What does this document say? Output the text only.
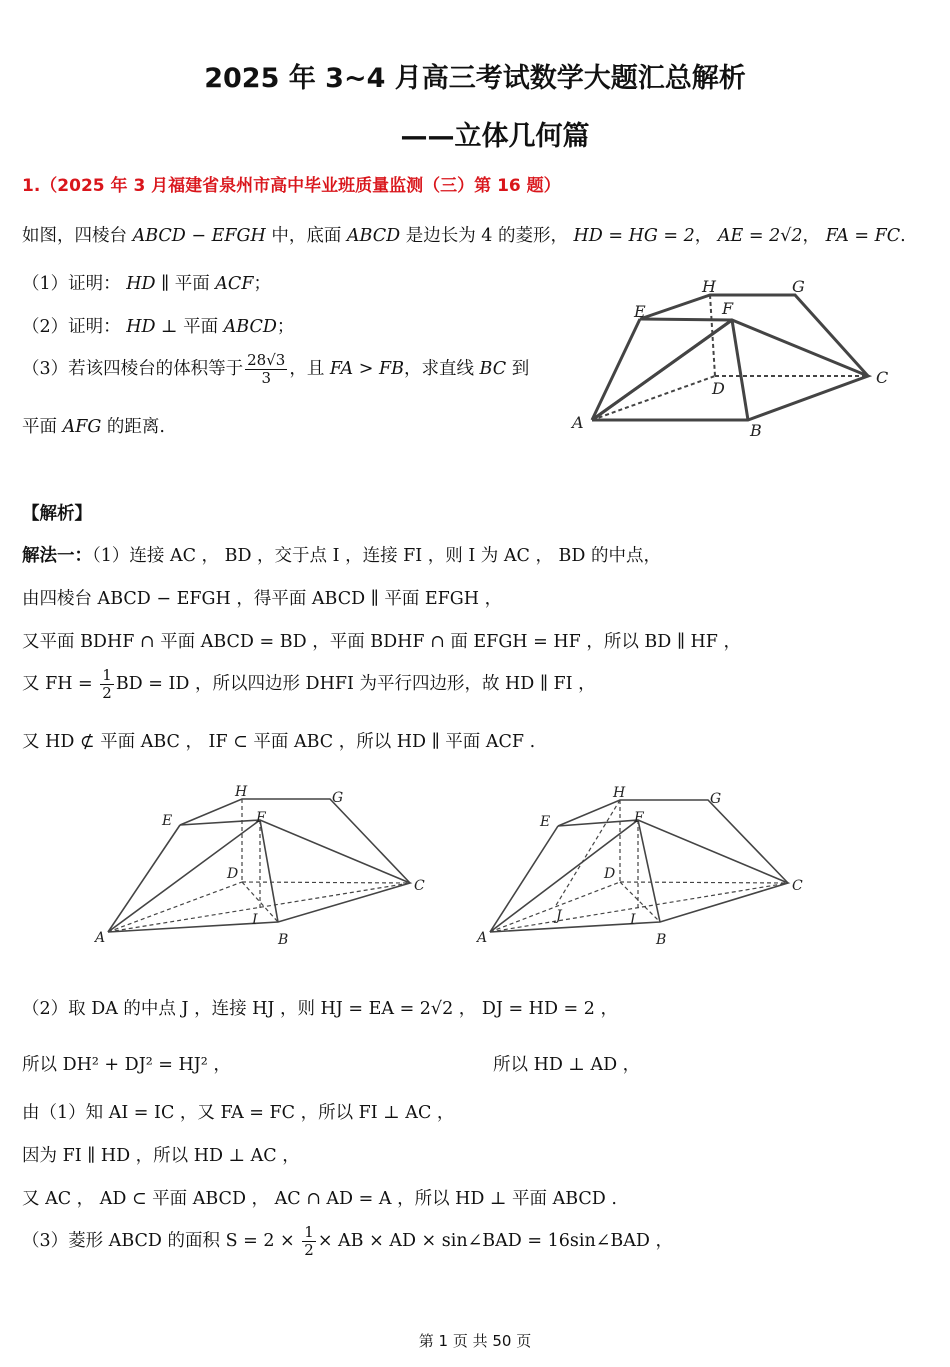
2025 年 3~4 月高三考试数学大题汇总解析
——立体几何篇
1.（2025 年 3 月福建省泉州市高中毕业班质量监测（三）第 16 题）
如图，四棱台 ABCD − EFGH 中，底面 ABCD 是边长为 4 的菱形， HD = HG = 2， AE = 2√2， FA = FC.
（1）证明： HD ∥ 平面 ACF；
（2）证明： HD ⊥ 平面 ABCD；
（3）若该四棱台的体积等于 $\frac{28√3}{3}$ ，且 FA > FB，求直线 BC 到
平面 AFG 的距离.	A	B
C
D
E	F
G
H
【解析】
解法一：（1）连接 AC ， BD ，交于点 I ，连接 FI ，则 I 为 AC ， BD 的中点，
由四棱台 ABCD − EFGH ，得平面 ABCD ∥ 平面 EFGH ，
又平面 BDHF ∩ 平面 ABCD = BD ，平面 BDHF ∩ 面 EFGH = HF ，所以 BD ∥ HF ，
又 FH = $\frac{1}{2}$ BD = ID ，所以四边形 DHFI 为平行四边形，故 HD ∥ FI ，
又 HD ⊄ 平面 ABC ， IF ⊂ 平面 ABC ，所以 HD ∥ 平面 ACF .
A	B
C
D
E	F
G
H
I
A	B
C
D
E	F
G
H
I
J
（2）取 DA 的中点 J ，连接 HJ ，则 HJ = EA = 2√2 ， DJ = HD = 2 ，
所以 DH² + DJ² = HJ² ，	所以 HD ⊥ AD ，
由（1）知 AI = IC ，又 FA = FC ，所以 FI ⊥ AC ，
因为 FI ∥ HD ，所以 HD ⊥ AC ，
又 AC ， AD ⊂ 平面 ABCD ， AC ∩ AD = A ，所以 HD ⊥ 平面 ABCD .
（3）菱形 ABCD 的面积 $S = 2 \times \frac{1}{2}$ × AB × AD × sin∠BAD = 16sin∠BAD ，
第 1 页 共 50 页
